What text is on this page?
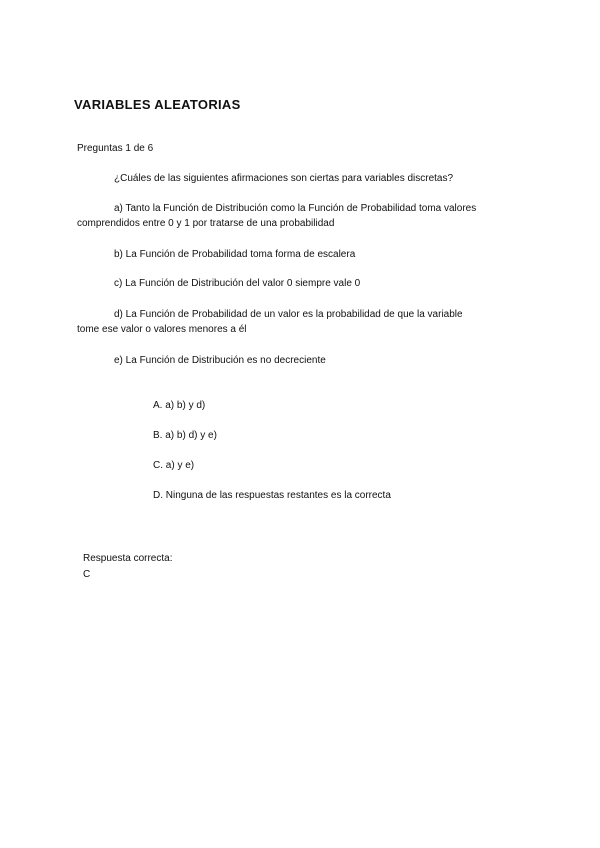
VARIABLES ALEATORIAS

Preguntas 1 de 6

¿Cuáles de las siguientes afirmaciones son ciertas para variables discretas?

a) Tanto la Función de Distribución como la Función de Probabilidad toma valores

comprendidos entre 0 y 1 por tratarse de una probabilidad

b) La Función de Probabilidad toma forma de escalera

c) La Función de Distribución del valor 0 siempre vale 0

d) La Función de Probabilidad de un valor es la probabilidad de que la variable

tome ese valor o valores menores a él

e) La Función de Distribución es no decreciente

A. a) b) y d)

B. a) b) d) y e)

C. a) y e)

D. Ninguna de las respuestas restantes es la correcta

Respuesta correcta:

C
